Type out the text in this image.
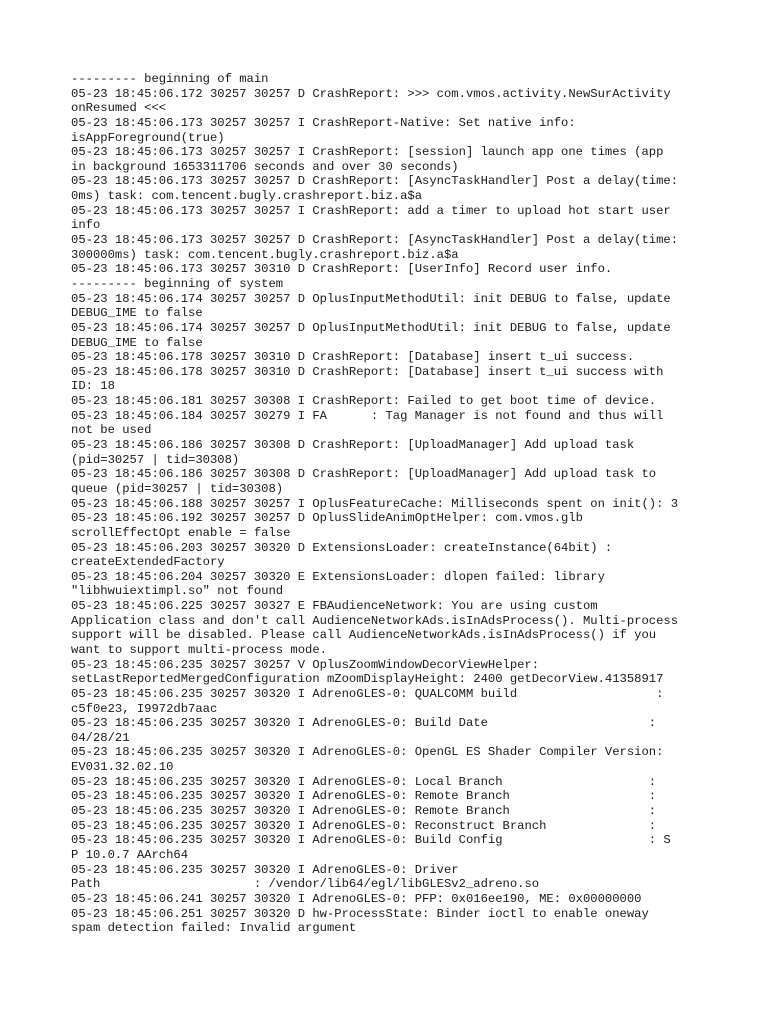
--------- beginning of main
05-23 18:45:06.172 30257 30257 D CrashReport: >>> com.vmos.activity.NewSurActivity
onResumed <<<
05-23 18:45:06.173 30257 30257 I CrashReport-Native: Set native info:
isAppForeground(true)
05-23 18:45:06.173 30257 30257 I CrashReport: [session] launch app one times (app
in background 1653311706 seconds and over 30 seconds)
05-23 18:45:06.173 30257 30257 D CrashReport: [AsyncTaskHandler] Post a delay(time:
0ms) task: com.tencent.bugly.crashreport.biz.a$a
05-23 18:45:06.173 30257 30257 I CrashReport: add a timer to upload hot start user
info
05-23 18:45:06.173 30257 30257 D CrashReport: [AsyncTaskHandler] Post a delay(time:
300000ms) task: com.tencent.bugly.crashreport.biz.a$a
05-23 18:45:06.173 30257 30310 D CrashReport: [UserInfo] Record user info.
--------- beginning of system
05-23 18:45:06.174 30257 30257 D OplusInputMethodUtil: init DEBUG to false, update
DEBUG_IME to false
05-23 18:45:06.174 30257 30257 D OplusInputMethodUtil: init DEBUG to false, update
DEBUG_IME to false
05-23 18:45:06.178 30257 30310 D CrashReport: [Database] insert t_ui success.
05-23 18:45:06.178 30257 30310 D CrashReport: [Database] insert t_ui success with
ID: 18
05-23 18:45:06.181 30257 30308 I CrashReport: Failed to get boot time of device.
05-23 18:45:06.184 30257 30279 I FA      : Tag Manager is not found and thus will
not be used
05-23 18:45:06.186 30257 30308 D CrashReport: [UploadManager] Add upload task
(pid=30257 | tid=30308)
05-23 18:45:06.186 30257 30308 D CrashReport: [UploadManager] Add upload task to
queue (pid=30257 | tid=30308)
05-23 18:45:06.188 30257 30257 I OplusFeatureCache: Milliseconds spent on init(): 3
05-23 18:45:06.192 30257 30257 D OplusSlideAnimOptHelper: com.vmos.glb
scrollEffectOpt enable = false
05-23 18:45:06.203 30257 30320 D ExtensionsLoader: createInstance(64bit) :
createExtendedFactory
05-23 18:45:06.204 30257 30320 E ExtensionsLoader: dlopen failed: library
"libhwuiextimpl.so" not found
05-23 18:45:06.225 30257 30327 E FBAudienceNetwork: You are using custom
Application class and don't call AudienceNetworkAds.isInAdsProcess(). Multi-process
support will be disabled. Please call AudienceNetworkAds.isInAdsProcess() if you
want to support multi-process mode.
05-23 18:45:06.235 30257 30257 V OplusZoomWindowDecorViewHelper:
setLastReportedMergedConfiguration mZoomDisplayHeight: 2400 getDecorView.41358917
05-23 18:45:06.235 30257 30320 I AdrenoGLES-0: QUALCOMM build                   :
c5f0e23, I9972db7aac
05-23 18:45:06.235 30257 30320 I AdrenoGLES-0: Build Date                      :
04/28/21
05-23 18:45:06.235 30257 30320 I AdrenoGLES-0: OpenGL ES Shader Compiler Version:
EV031.32.02.10
05-23 18:45:06.235 30257 30320 I AdrenoGLES-0: Local Branch                    :
05-23 18:45:06.235 30257 30320 I AdrenoGLES-0: Remote Branch                   :
05-23 18:45:06.235 30257 30320 I AdrenoGLES-0: Remote Branch                   :
05-23 18:45:06.235 30257 30320 I AdrenoGLES-0: Reconstruct Branch              :
05-23 18:45:06.235 30257 30320 I AdrenoGLES-0: Build Config                    : S
P 10.0.7 AArch64
05-23 18:45:06.235 30257 30320 I AdrenoGLES-0: Driver
Path                     : /vendor/lib64/egl/libGLESv2_adreno.so
05-23 18:45:06.241 30257 30320 I AdrenoGLES-0: PFP: 0x016ee190, ME: 0x00000000
05-23 18:45:06.251 30257 30320 D hw-ProcessState: Binder ioctl to enable oneway
spam detection failed: Invalid argument
